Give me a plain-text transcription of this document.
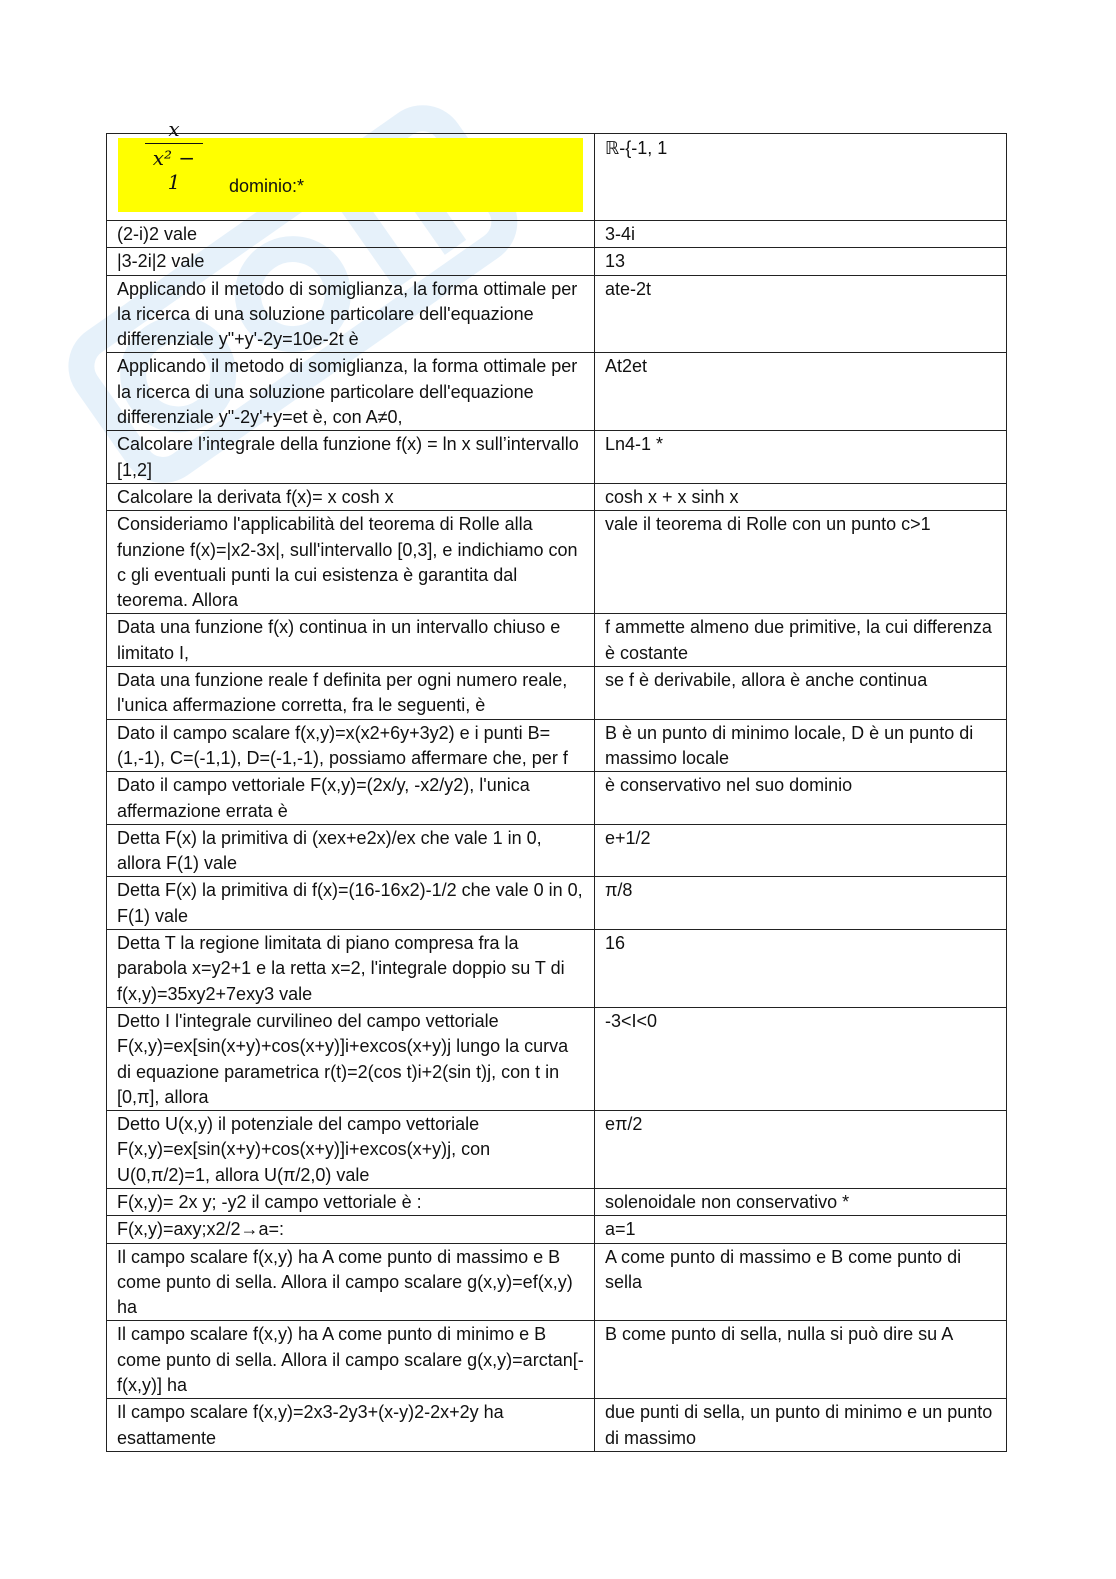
x
x² − 1 dominio:*	ℝ-{-1, 1
(2-i)2 vale	3-4i
|3-2i|2 vale	13
Applicando il metodo di somiglianza, la forma ottimale per la ricerca di una soluzione particolare dell'equazione differenziale y"+y'-2y=10e-2t è	ate-2t
Applicando il metodo di somiglianza, la forma ottimale per la ricerca di una soluzione particolare dell'equazione differenziale y"-2y'+y=et è, con A≠0,	At2et
Calcolare l’integrale della funzione f(x) = ln x sull’intervallo [1,2]	Ln4-1 *
Calcolare la derivata f(x)= x cosh x	cosh x + x sinh x
Consideriamo l'applicabilità del teorema di Rolle alla funzione f(x)=|x2-3x|, sull'intervallo [0,3], e indichiamo con c gli eventuali punti la cui esistenza è garantita dal teorema. Allora	vale il teorema di Rolle con un punto c>1
Data una funzione f(x) continua in un intervallo chiuso e limitato I,	f ammette almeno due primitive, la cui differenza è costante
Data una funzione reale f definita per ogni numero reale, l'unica affermazione corretta, fra le seguenti, è	se f è derivabile, allora è anche continua
Dato il campo scalare f(x,y)=x(x2+6y+3y2) e i punti B=(1,-1), C=(-1,1), D=(-1,-1), possiamo affermare che, per f	B è un punto di minimo locale, D è un punto di massimo locale
Dato il campo vettoriale F(x,y)=(2x/y, -x2/y2), l'unica affermazione errata è	è conservativo nel suo dominio
Detta F(x) la primitiva di (xex+e2x)/ex che vale 1 in 0, allora F(1) vale	e+1/2
Detta F(x) la primitiva di f(x)=(16-16x2)-1/2 che vale 0 in 0, F(1) vale	π/8
Detta T la regione limitata di piano compresa fra la parabola x=y2+1 e la retta x=2, l'integrale doppio su T di f(x,y)=35xy2+7exy3 vale	16
Detto I l'integrale curvilineo del campo vettoriale F(x,y)=ex[sin(x+y)+cos(x+y)]i+excos(x+y)j lungo la curva di equazione parametrica r(t)=2(cos t)i+2(sin t)j, con t in [0,π], allora	-3<I<0
Detto U(x,y) il potenziale del campo vettoriale F(x,y)=ex[sin(x+y)+cos(x+y)]i+excos(x+y)j, con U(0,π/2)=1, allora U(π/2,0) vale	eπ/2
F(x,y)= 2x y; -y2 il campo vettoriale è :	solenoidale non conservativo *
F(x,y)=axy;x2/2→a=:	a=1
Il campo scalare f(x,y) ha A come punto di massimo e B come punto di sella. Allora il campo scalare g(x,y)=ef(x,y) ha	A come punto di massimo e B come punto di sella
Il campo scalare f(x,y) ha A come punto di minimo e B come punto di sella. Allora il campo scalare g(x,y)=arctan[-f(x,y)] ha	B come punto di sella, nulla si può dire su A
Il campo scalare f(x,y)=2x3-2y3+(x-y)2-2x+2y ha esattamente	due punti di sella, un punto di minimo e un punto di massimo
